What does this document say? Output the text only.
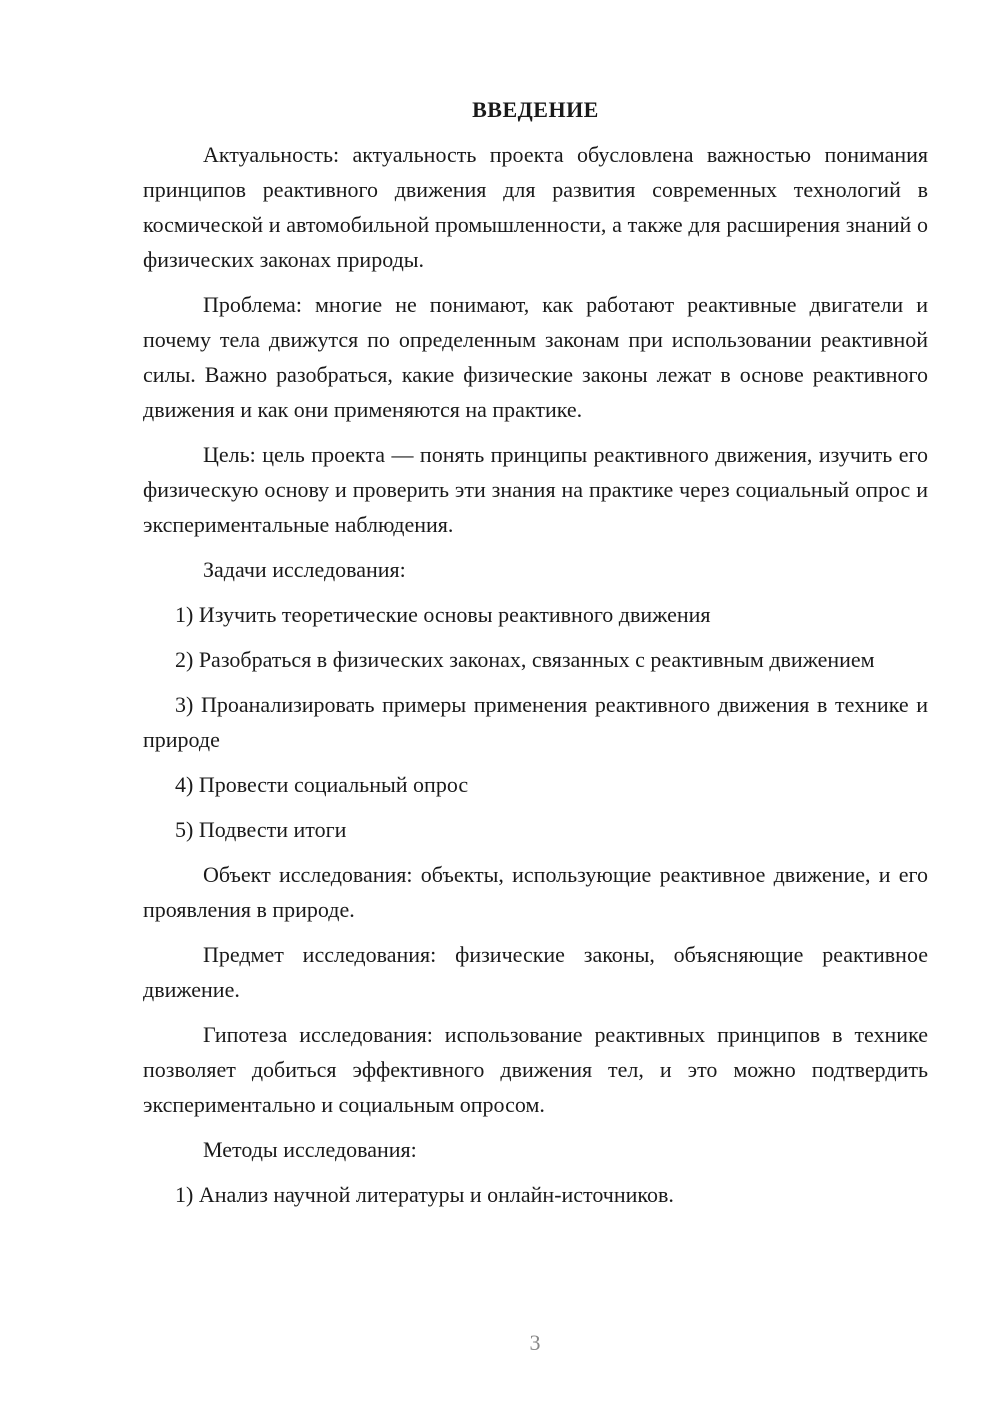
ВВЕДЕНИЕ

Актуальность: актуальность проекта обусловлена важностью понимания принципов реактивного движения для развития современных технологий в космической и автомобильной промышленности, а также для расширения знаний о физических законах природы.

Проблема: многие не понимают, как работают реактивные двигатели и почему тела движутся по определенным законам при использовании реактивной силы. Важно разобраться, какие физические законы лежат в основе реактивного движения и как они применяются на практике.

Цель: цель проекта — понять принципы реактивного движения, изучить его физическую основу и проверить эти знания на практике через социальный опрос и экспериментальные наблюдения.

Задачи исследования:

1) Изучить теоретические основы реактивного движения

2) Разобраться в физических законах, связанных с реактивным движением

3) Проанализировать примеры применения реактивного движения в технике и природе

4) Провести социальный опрос

5) Подвести итоги

Объект исследования: объекты, использующие реактивное движение, и его проявления в природе.

Предмет исследования: физические законы, объясняющие реактивное движение.

Гипотеза исследования: использование реактивных принципов в технике позволяет добиться эффективного движения тел, и это можно подтвердить экспериментально и социальным опросом.

Методы исследования:

1) Анализ научной литературы и онлайн-источников.

3
